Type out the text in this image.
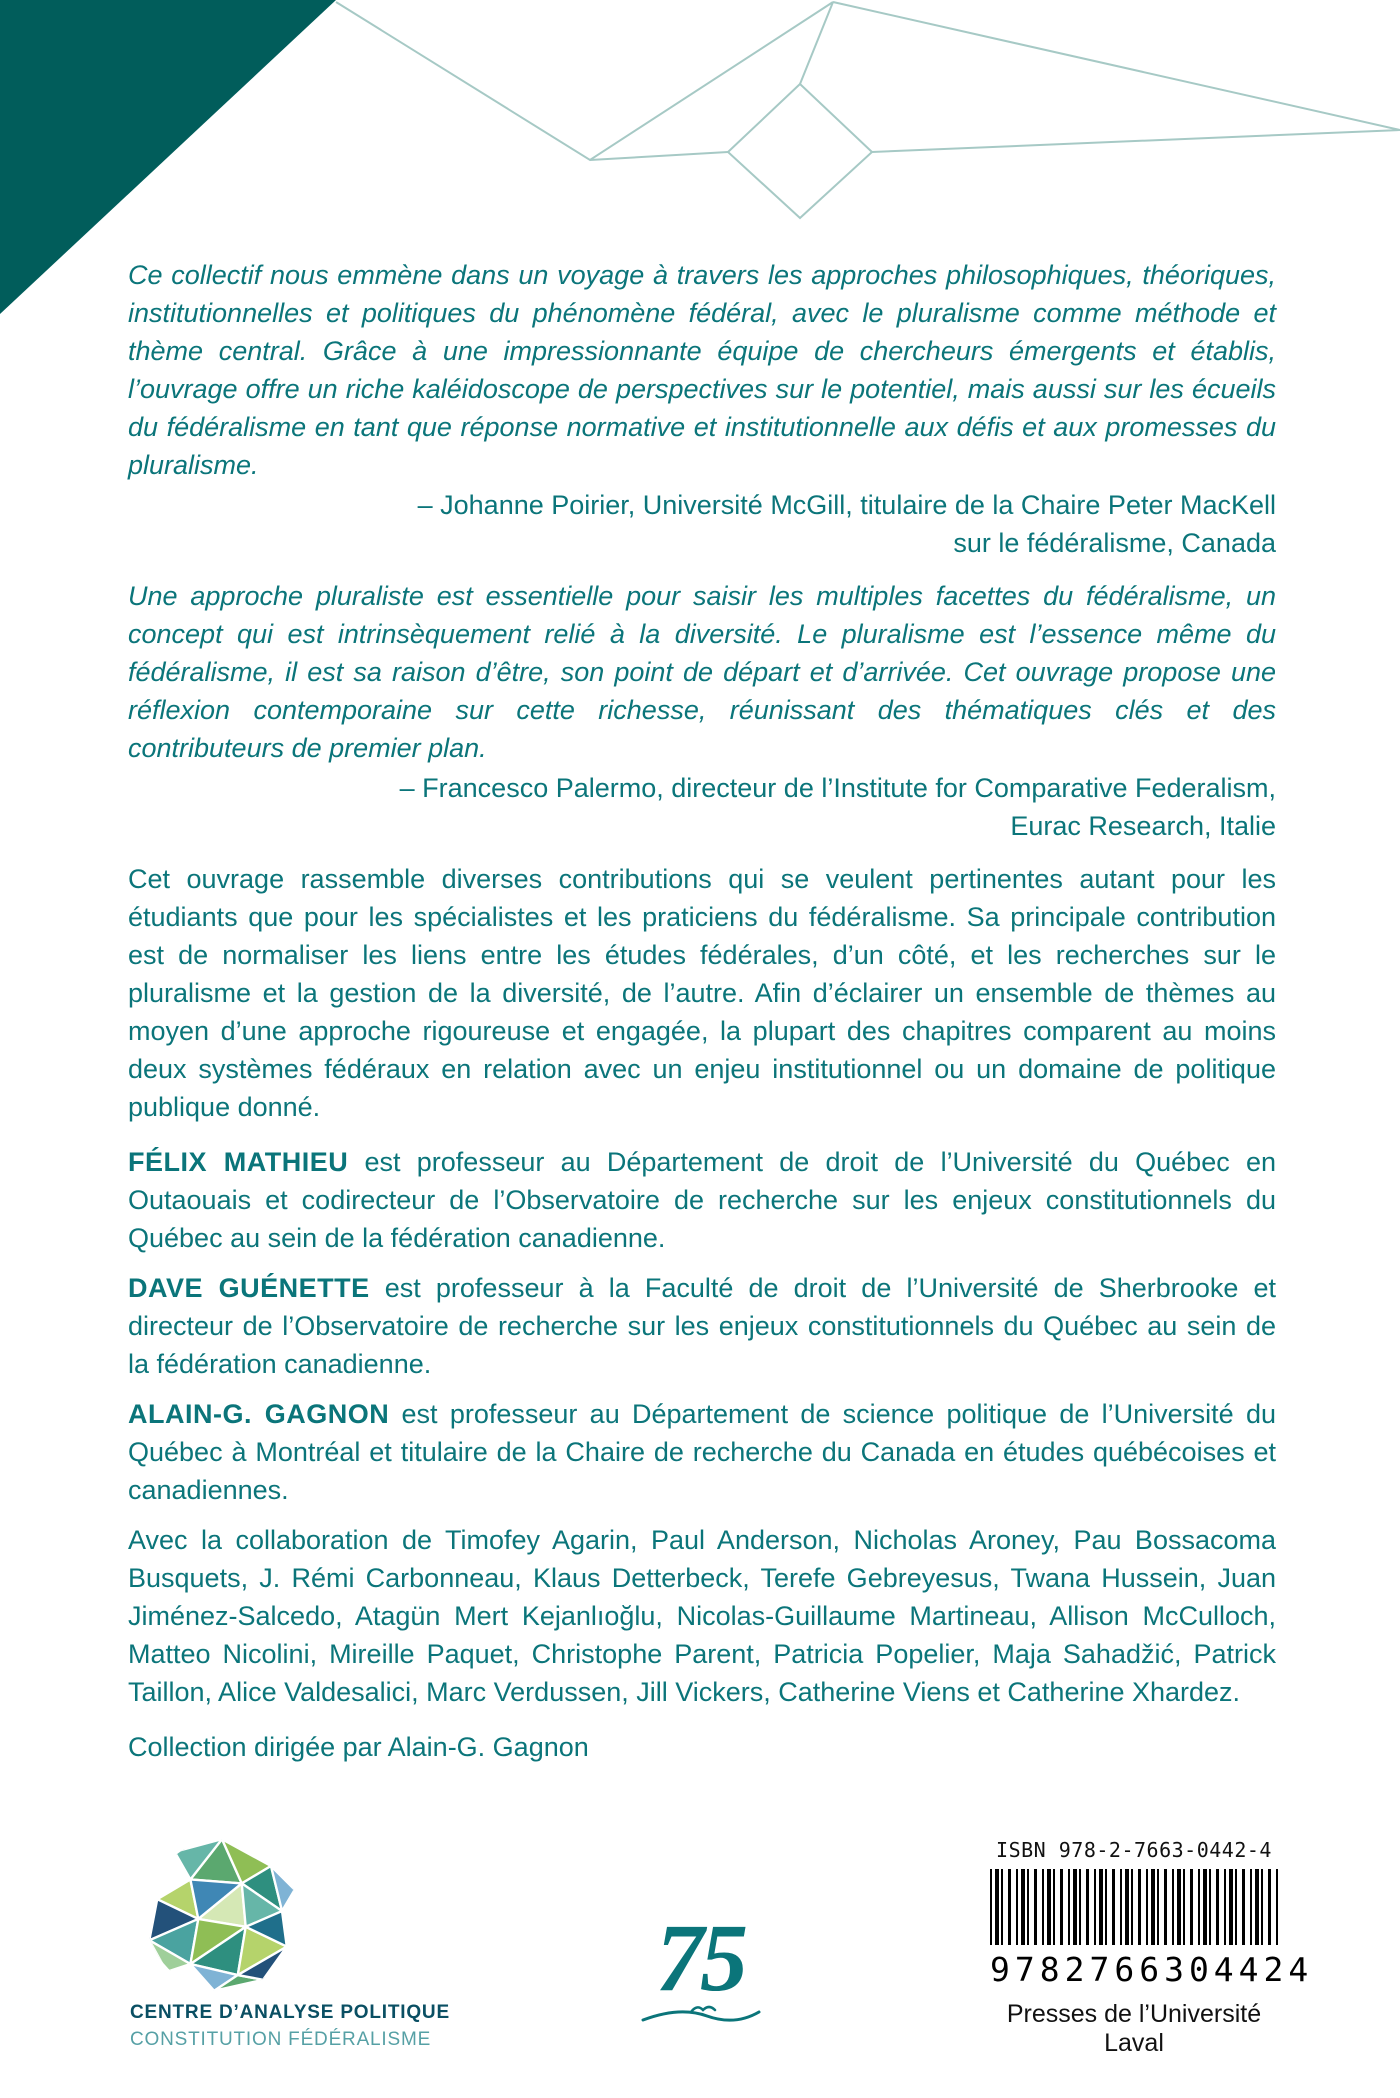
Ce collectif nous emmène dans un voyage à travers les approches philosophiques, théoriques, institutionnelles et politiques du phénomène fédéral, avec le pluralisme comme méthode et thème central. Grâce à une impressionnante équipe de chercheurs émergents et établis, l’ouvrage offre un riche kaléidoscope de perspectives sur le potentiel, mais aussi sur les écueils du fédéralisme en tant que réponse normative et institutionnelle aux défis et aux promesses du pluralisme.

– Johanne Poirier, Université McGill, titulaire de la Chaire Peter MacKell
sur le fédéralisme, Canada

Une approche pluraliste est essentielle pour saisir les multiples facettes du fédéralisme, un concept qui est intrinsèquement relié à la diversité. Le pluralisme est l’essence même du fédéralisme, il est sa raison d’être, son point de départ et d’arrivée. Cet ouvrage propose une réflexion contemporaine sur cette richesse, réunissant des thématiques clés et des contributeurs de premier plan.

– Francesco Palermo, directeur de l’Institute for Comparative Federalism,
Eurac Research, Italie

Cet ouvrage rassemble diverses contributions qui se veulent pertinentes autant pour les étudiants que pour les spécialistes et les praticiens du fédéralisme. Sa principale contribution est de normaliser les liens entre les études fédérales, d’un côté, et les recherches sur le pluralisme et la gestion de la diversité, de l’autre. Afin d’éclairer un ensemble de thèmes au moyen d’une approche rigoureuse et engagée, la plupart des chapitres comparent au moins deux systèmes fédéraux en relation avec un enjeu institutionnel ou un domaine de politique publique donné.

FÉLIX MATHIEU est professeur au Département de droit de l’Université du Québec en Outaouais et codirecteur de l’Observatoire de recherche sur les enjeux constitutionnels du Québec au sein de la fédération canadienne.

DAVE GUÉNETTE est professeur à la Faculté de droit de l’Université de Sherbrooke et directeur de l’Observatoire de recherche sur les enjeux constitutionnels du Québec au sein de la fédération canadienne.

ALAIN-G. GAGNON est professeur au Département de science politique de l’Université du Québec à Montréal et titulaire de la Chaire de recherche du Canada en études québécoises et canadiennes.

Avec la collaboration de Timofey Agarin, Paul Anderson, Nicholas Aroney, Pau Bossacoma Busquets, J. Rémi Carbonneau, Klaus Detterbeck, Terefe Gebreyesus, Twana Hussein, Juan Jiménez-Salcedo, Atagün Mert Kejanlıoğlu, Nicolas-Guillaume Martineau, Allison McCulloch, Matteo Nicolini, Mireille Paquet, Christophe Parent, Patricia Popelier, Maja Sahadžić, Patrick Taillon, Alice Valdesalici, Marc Verdussen, Jill Vickers, Catherine Viens et Catherine Xhardez.

Collection dirigée par Alain-G. Gagnon

CENTRE D’ANALYSE POLITIQUE
CONSTITUTION FÉDÉRALISME
75
ISBN 978-2-7663-0442-4
9782766304424
Presses de l’Université Laval
